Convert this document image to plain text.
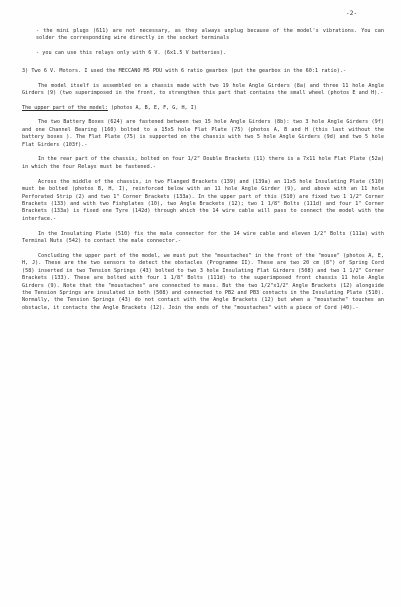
-2-

- the mini plugs (611) are not necessary, as they always unplug because of the model's vibrations. You can solder the corresponding wire directly in the socket terminals

- you can use this relays only with 6 V. (6x1.5 V batteries).

3) Two 6 V. Motors. I used the MECCANO M5 PDU with 6 ratio gearbox (put the gearbox in the 60:1 ratio).-

The model itself is assembled on a chassis made with two 19 hole Angle Girders (8a) and three 11 hole Angle Girders (9) (two superimposed in the front, to strengthen this part that contains the small wheel (photos E and H).-

The upper part of the model: (photos A, B, E, F, G, H, I)

The two Battery Boxes (624) are fastened between two 15 hole Angle Girders (8b): two 3 hole Angle Girders (9f) and one Channel Bearing (160) bolted to a 15x5 hole Flat Plate (75) (photos A, B and H (this last without the battery boxes ). The Flat Plate (75) is supported on the chassis with two 5 hole Angle Girders (9d) and two 5 hole Flat Girders (103f).-

In the rear part of the chassis, bolted on four 1/2" Double Brackets (11) there is a 7x11 hole Flat Plate (52a) in which the four Relays must be fastened.-

Across the middle of the chassis, in two Flanged Brackets (139) and (139a) an 11x5 hole Insulating Plate (510) must be bolted (photos B, H, I), reinforced below with an 11 hole Angle Girder (9), and above with an 11 hole Perforated Strip (2) and two 1" Corner Brackets (133a). In the upper part of this (510) are fixed two 1 1/2" Corner Brackets (133) and with two Fishplates (10), two Angle Brackets (12); two 1 1/8" Bolts (111d) and four 1" Corner Brackets (133a) is fixed one Tyre (142d) through which the 14 wire cable will pass to connect the model with the interface.-

In the Insulating Plate (510) fix the male connector for the 14 wire cable and eleven 1/2" Bolts (111a) with Terminal Nuts (542) to contact the male connector.-

Concluding the upper part of the model, we must put the "moustaches" in the front of the "mouse" (photos A, E, H, J). These are the two sensors to detect the obstacles (Programme II). These are two 20 cm (8") of Spring Cord (58) inserted in two Tension Springs (43) bolted to two 3 hole Insulating Flat Girders (508) and two 1 1/2" Corner Brackets (133). These are bolted with four 1 1/8" Bolts (111d) to the superimposed front chassis 11 hole Angle Girders (9). Note that the "moustaches" are connected to mass. But the two 1/2"x1/2" Angle Brackets (12) alongside the Tension Springs are insulated in both (508) and connected to PB2 and PB3 contacts in the Insulating Plate (510). Normally, the Tension Springs (43) do not contact with the Angle Brackets (12) but when a "moustache" touches an obstacle, it contacts the Angle Brackets (12). Join the ends of the "moustaches" with a piece of Cord (40).-
